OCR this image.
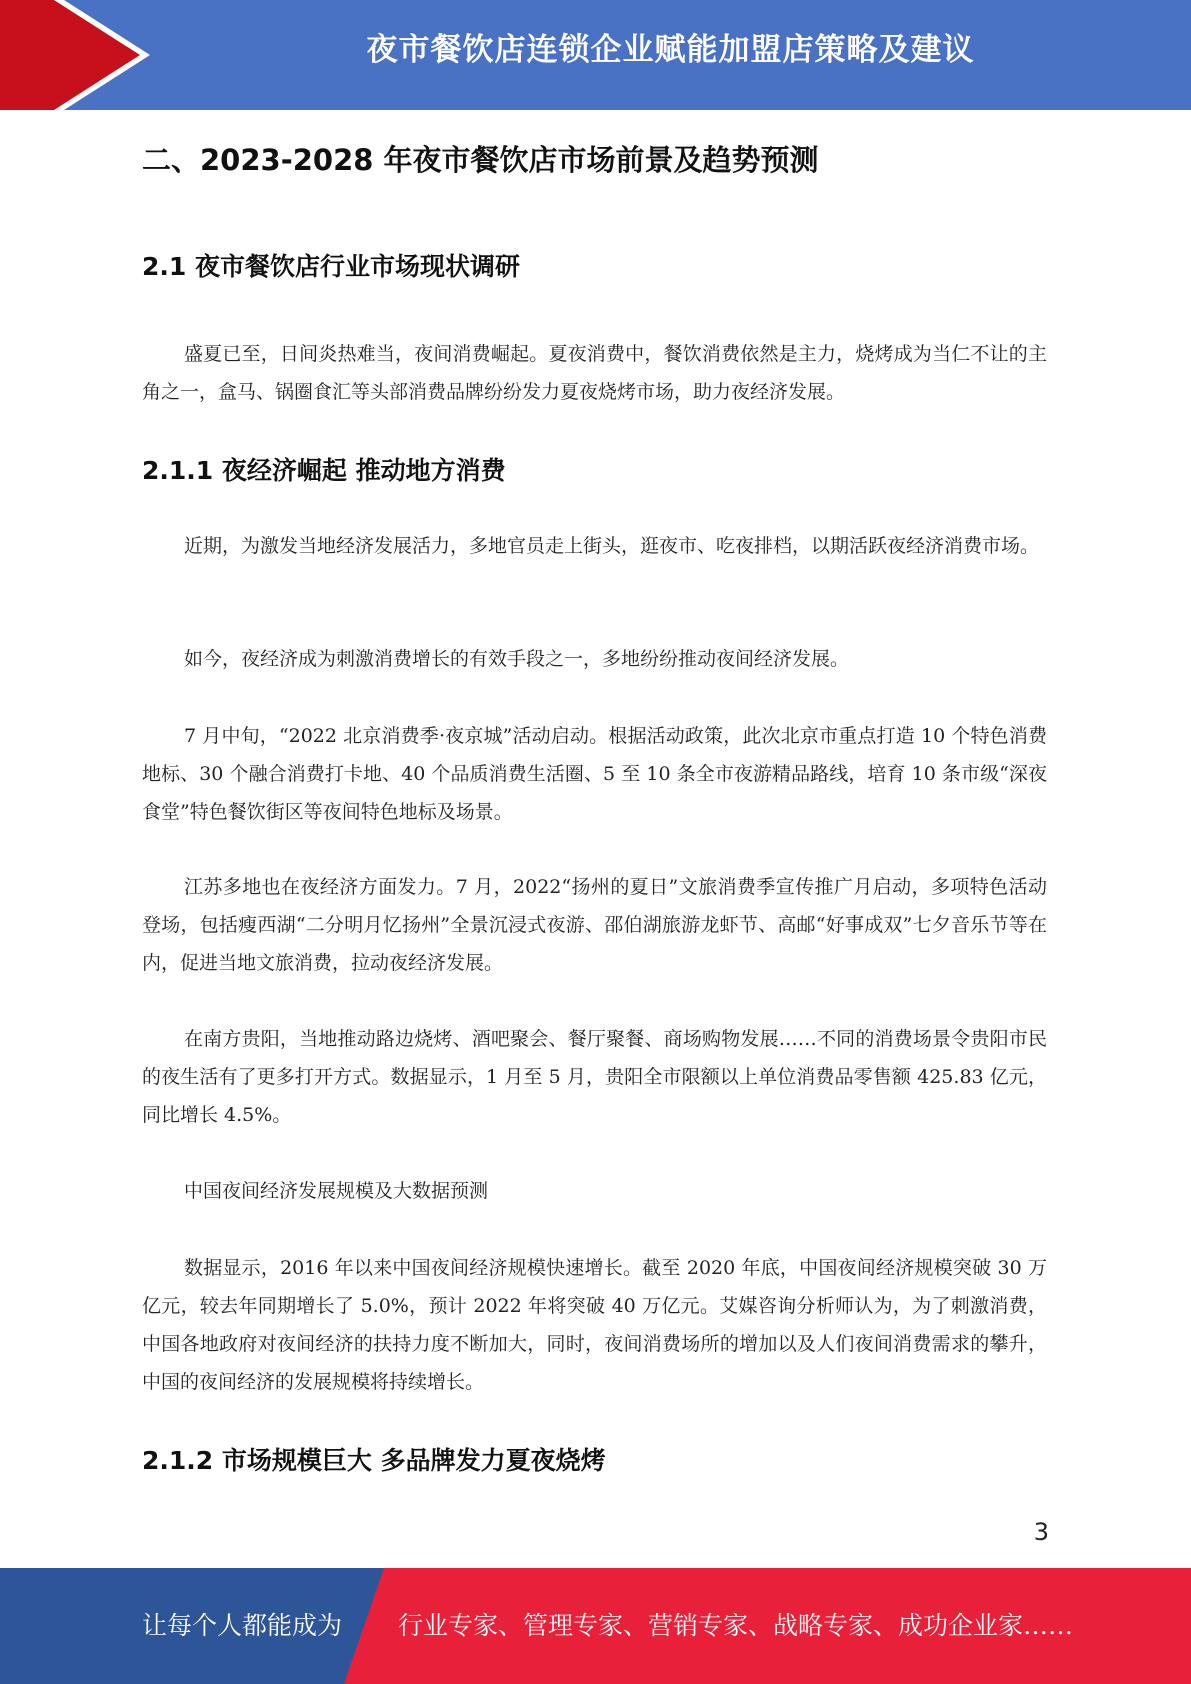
夜市餐饮店连锁企业赋能加盟店策略及建议
二、2023-2028 年夜市餐饮店市场前景及趋势预测
2.1 夜市餐饮店行业市场现状调研
盛夏已至，日间炎热难当，夜间消费崛起。夏夜消费中，餐饮消费依然是主力，烧烤成为当仁不让的主角之一，盒马、锅圈食汇等头部消费品牌纷纷发力夏夜烧烤市场，助力夜经济发展。
2.1.1 夜经济崛起 推动地方消费
近期，为激发当地经济发展活力，多地官员走上街头，逛夜市、吃夜排档，以期活跃夜经济消费市场。
如今，夜经济成为刺激消费增长的有效手段之一，多地纷纷推动夜间经济发展。
7 月中旬，“2022 北京消费季·夜京城”活动启动。根据活动政策，此次北京市重点打造 10 个特色消费地标、30 个融合消费打卡地、40 个品质消费生活圈、5 至 10 条全市夜游精品路线，培育 10 条市级“深夜食堂”特色餐饮街区等夜间特色地标及场景。
江苏多地也在夜经济方面发力。7 月，2022“扬州的夏日”文旅消费季宣传推广月启动，多项特色活动登场，包括瘦西湖“二分明月忆扬州”全景沉浸式夜游、邵伯湖旅游龙虾节、高邮“好事成双”七夕音乐节等在内，促进当地文旅消费，拉动夜经济发展。
在南方贵阳，当地推动路边烧烤、酒吧聚会、餐厅聚餐、商场购物发展……不同的消费场景令贵阳市民的夜生活有了更多打开方式。数据显示，1 月至 5 月，贵阳全市限额以上单位消费品零售额 425.83 亿元，同比增长 4.5%。
中国夜间经济发展规模及大数据预测
数据显示，2016 年以来中国夜间经济规模快速增长。截至 2020 年底，中国夜间经济规模突破 30 万亿元，较去年同期增长了 5.0%，预计 2022 年将突破 40 万亿元。艾媒咨询分析师认为，为了刺激消费，中国各地政府对夜间经济的扶持力度不断加大，同时，夜间消费场所的增加以及人们夜间消费需求的攀升，中国的夜间经济的发展规模将持续增长。
2.1.2 市场规模巨大 多品牌发力夏夜烧烤
3
让每个人都能成为 行业专家、管理专家、营销专家、战略专家、成功企业家……
